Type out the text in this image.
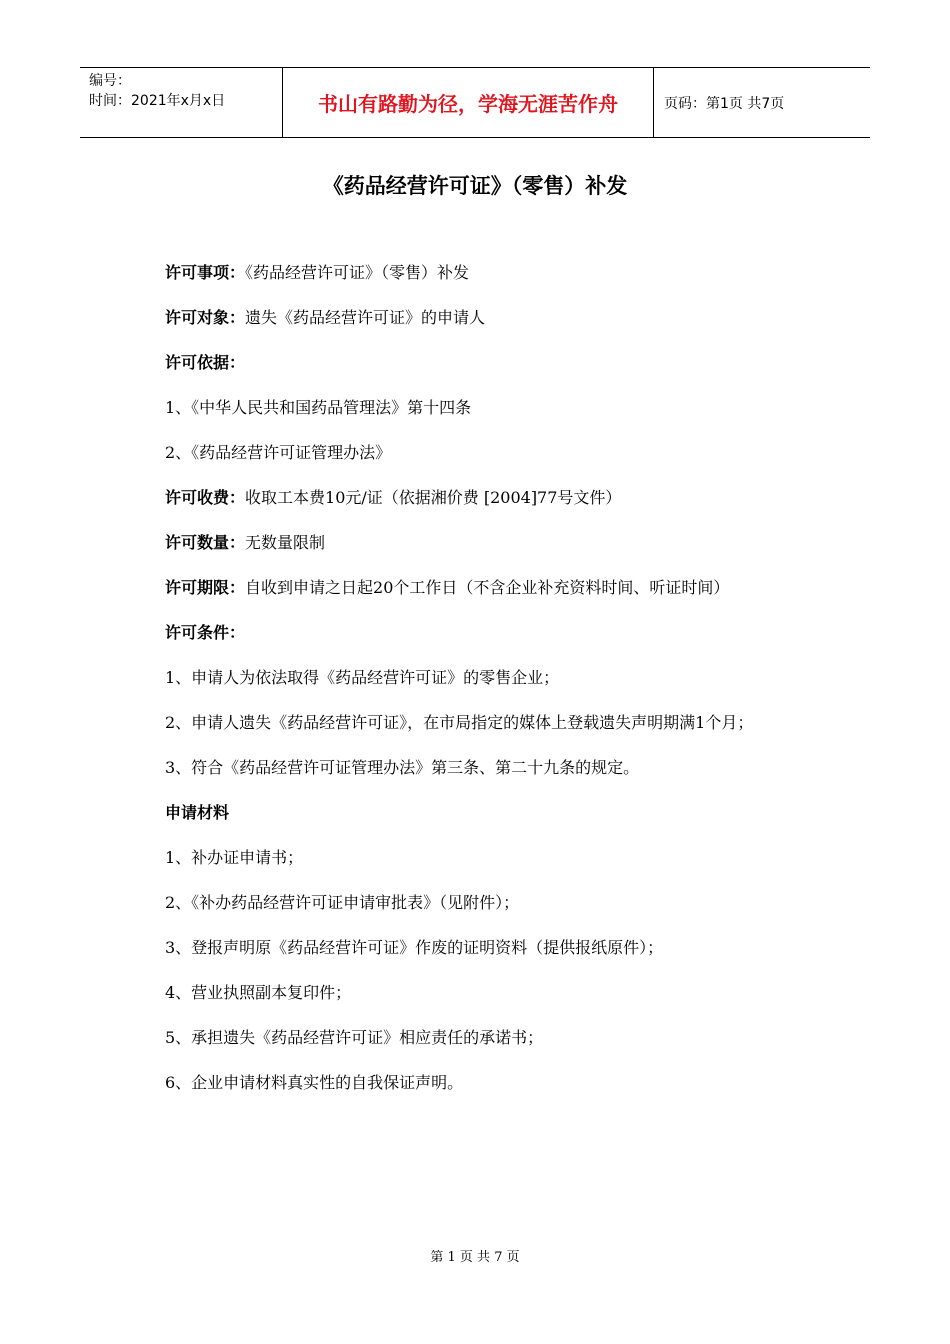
编号：
时间：2021年x月x日	书山有路勤为径，学海无涯苦作舟	页码：第1页 共7页
《药品经营许可证》（零售）补发

许可事项：《药品经营许可证》（零售）补发

许可对象：遗失《药品经营许可证》的申请人

许可依据：

1、《中华人民共和国药品管理法》第十四条

2、《药品经营许可证管理办法》

许可收费：收取工本费10元/证（依据湘价费 [2004]77号文件）

许可数量：无数量限制

许可期限：自收到申请之日起20个工作日（不含企业补充资料时间、听证时间）

许可条件：

1、申请人为依法取得《药品经营许可证》的零售企业；

2、申请人遗失《药品经营许可证》，在市局指定的媒体上登载遗失声明期满1个月；

3、符合《药品经营许可证管理办法》第三条、第二十九条的规定。

申请材料

1、补办证申请书；

2、《补办药品经营许可证申请审批表》（见附件）；

3、登报声明原《药品经营许可证》作废的证明资料（提供报纸原件）；

4、营业执照副本复印件；

5、承担遗失《药品经营许可证》相应责任的承诺书；

6、企业申请材料真实性的自我保证声明。

第 1 页 共 7 页
